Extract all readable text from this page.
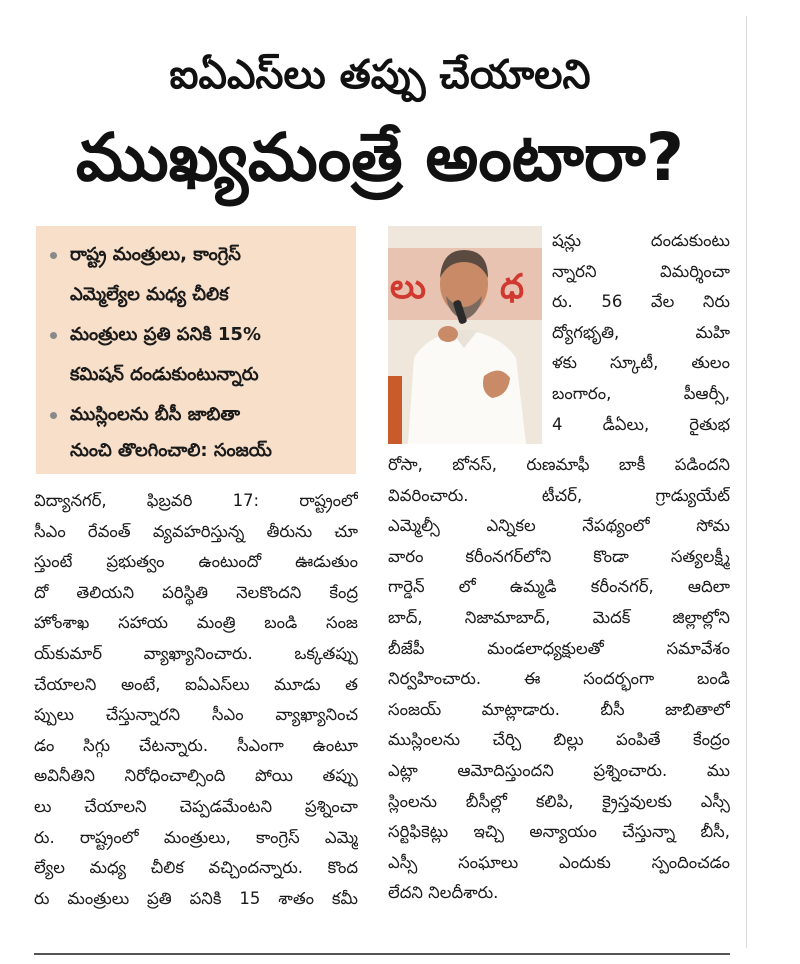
ఐఏఎస్‌లు తప్పు చేయాలని
ముఖ్యమంత్రే అంటారా?
రాష్ట్ర మంత్రులు, కాంగ్రెస్
ఎమ్మెల్యేల మధ్య చీలిక
మంత్రులు ప్రతి పనికి 15%
కమిషన్ దండుకుంటున్నారు
ముస్లింలను బీసీ జాబితా
నుంచి తొలగించాలి: సంజయ్
విద్యానగర్, ఫిబ్రవరి 17: రాష్ట్రంలో
సీఎం రేవంత్ వ్యవహరిస్తున్న తీరును చూ
స్తుంటే ప్రభుత్వం ఉంటుందో ఊడుతుం
దో తెలియని పరిస్థితి నెలకొందని కేంద్ర
హోంశాఖ సహాయ మంత్రి బండి సంజ
య్‌కుమార్ వ్యాఖ్యానించారు. ఒక్కతప్పు
చేయాలని అంటే, ఐఏఎస్‌లు మూడు త
ప్పులు చేస్తున్నారని సీఎం వ్యాఖ్యానించ
డం సిగ్గు చేటన్నారు. సీఎంగా ఉంటూ
అవినీతిని నిరోధించాల్సింది పోయి తప్పు
లు చేయాలని చెప్పడమేంటని ప్రశ్నించా
రు. రాష్ట్రంలో మంత్రులు, కాంగ్రెస్ ఎమ్మె
ల్యేల మధ్య చీలిక వచ్చిందన్నారు. కొంద
రు మంత్రులు ప్రతి పనికి 15 శాతం కమీ
లు ధ
షన్లు దండుకుంటు
న్నారని విమర్శించా
రు. 56 వేల నిరు
ద్యోగభృతి, మహి
ళకు స్కూటీ, తులం
బంగారం, పీఆర్సీ,
4 డీఏలు, రైతుభ
రోసా, బోనస్, రుణమాఫీ బాకీ పడిందని
వివరించారు. టీచర్, గ్రాడ్యుయేట్
ఎమ్మెల్సీ ఎన్నికల నేపథ్యంలో సోమ
వారం కరీంనగర్‌లోని కొండా సత్యలక్ష్మీ
గార్డెన్ లో ఉమ్మడి కరీంనగర్, ఆదిలా
బాద్, నిజామాబాద్, మెదక్ జిల్లాల్లోని
బీజేపీ మండలాధ్యక్షులతో సమావేశం
నిర్వహించారు. ఈ సందర్భంగా బండి
సంజయ్ మాట్లాడారు. బీసీ జాబితాలో
ముస్లింలను చేర్చి బిల్లు పంపితే కేంద్రం
ఎట్లా ఆమోదిస్తుందని ప్రశ్నించారు. ము
స్లింలను బీసీల్లో కలిపి, క్రైస్తవులకు ఎస్సీ
సర్టిఫికెట్లు ఇచ్చి అన్యాయం చేస్తున్నా బీసీ,
ఎస్సీ సంఘాలు ఎందుకు స్పందించడం
లేదని నిలదీశారు.
